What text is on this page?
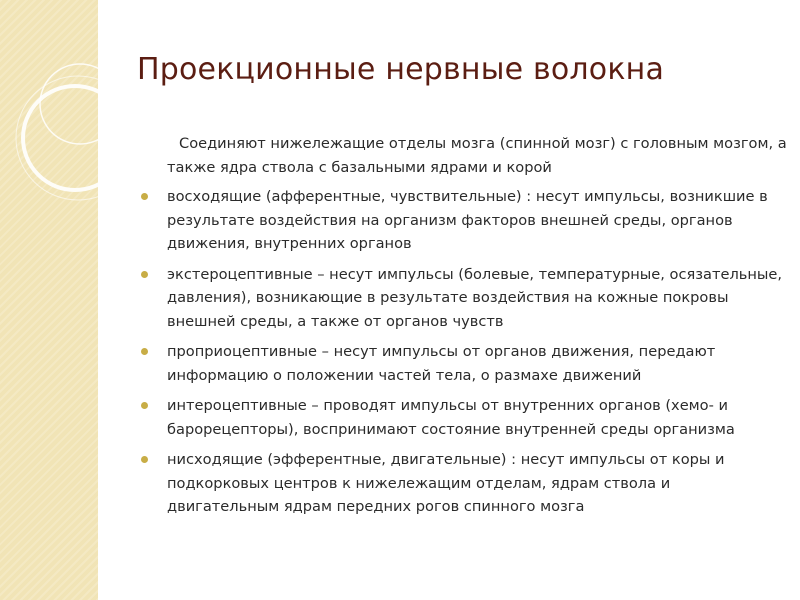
Проекционные нервные волокна

Соединяют нижележащие отделы мозга (спинной мозг) с головным мозгом, а также ядра ствола с базальными ядрами и корой

восходящие (афферентные, чувствительные) : несут импульсы, возникшие в результате воздействия на организм факторов внешней среды, органов движения, внутренних органов
экстероцептивные – несут импульсы (болевые, температурные, осязательные, давления), возникающие в результате воздействия на кожные покровы внешней среды, а также от органов чувств
проприоцептивные – несут импульсы от органов движения, передают информацию о положении частей тела, о размахе движений
интероцептивные – проводят импульсы от внутренних органов (хемо- и барорецепторы), воспринимают состояние внутренней среды организма
нисходящие (эфферентные, двигательные) : несут импульсы от коры и подкорковых центров к нижележащим отделам, ядрам ствола и двигательным ядрам передних рогов спинного мозга
